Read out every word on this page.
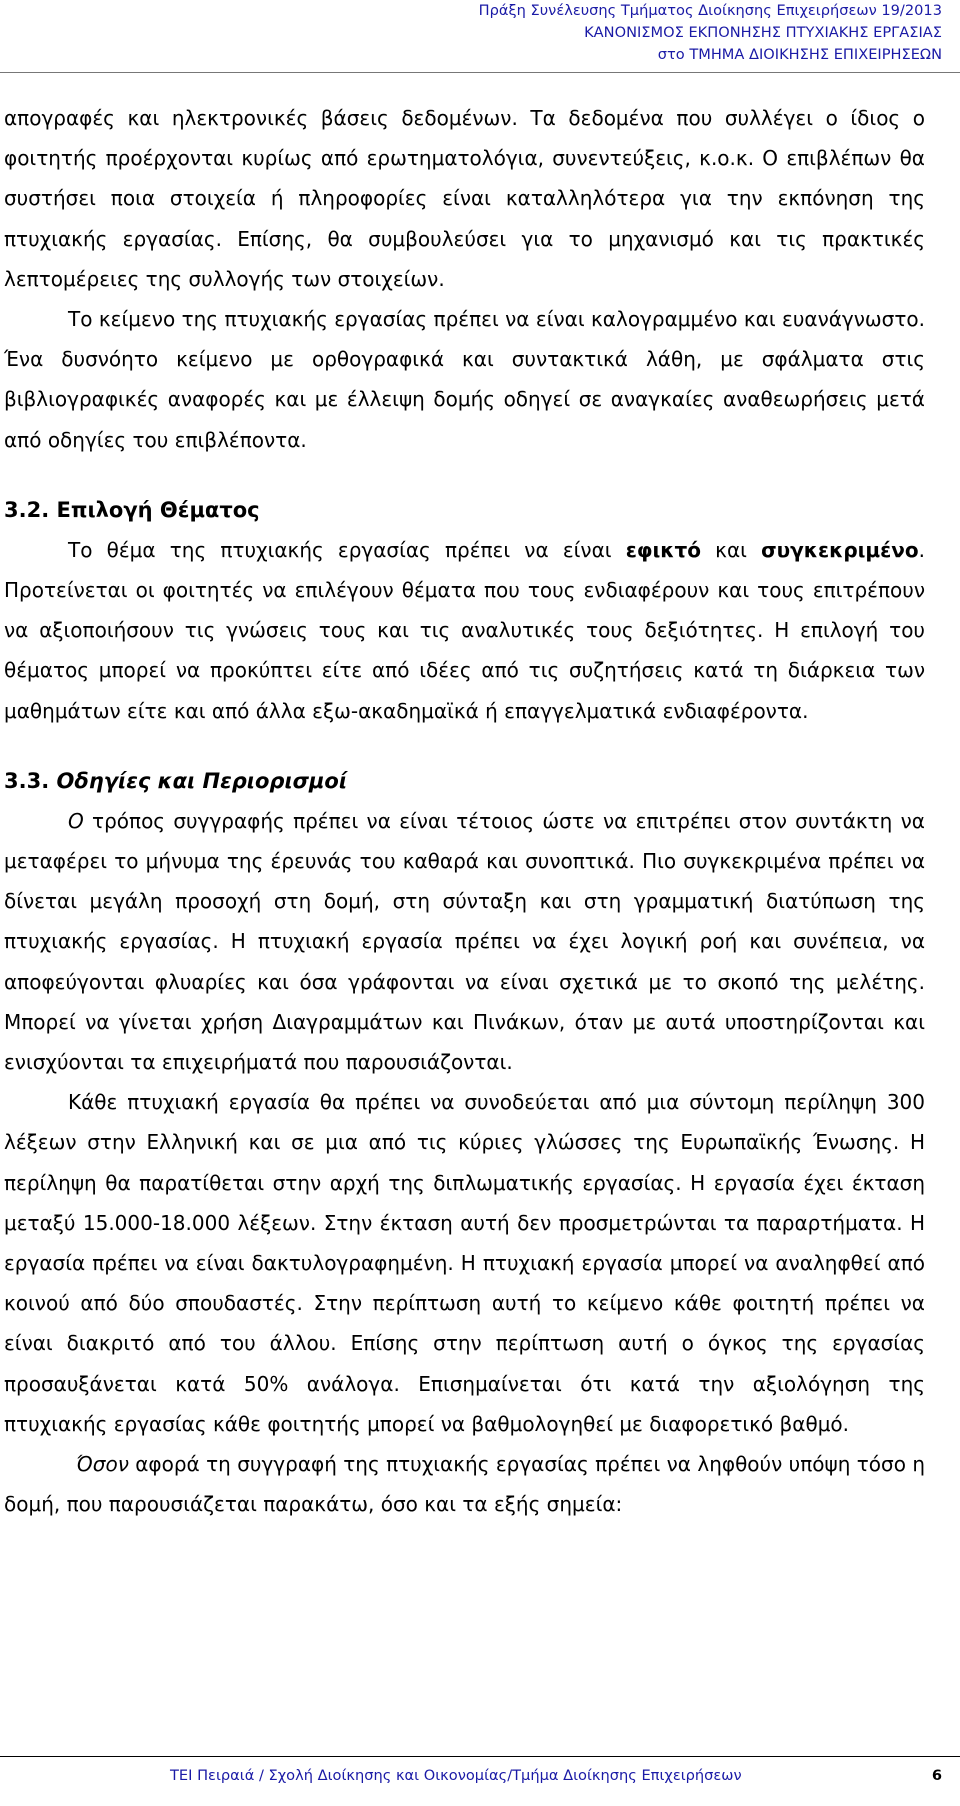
Πράξη Συνέλευσης Τμήματος Διοίκησης Επιχειρήσεων 19/2013
ΚΑΝΟΝΙΣΜΟΣ ΕΚΠΟΝΗΣΗΣ ΠΤΥΧΙΑΚΗΣ ΕΡΓΑΣΙΑΣ
στο ΤΜΗΜΑ ΔΙΟΙΚΗΣΗΣ ΕΠΙΧΕΙΡΗΣΕΩΝ

απογραφές και ηλεκτρονικές βάσεις δεδομένων. Τα δεδομένα που συλλέγει ο ίδιος ο φοιτητής προέρχονται κυρίως από ερωτηματολόγια, συνεντεύξεις, κ.ο.κ. Ο επιβλέπων θα συστήσει ποια στοιχεία ή πληροφορίες είναι καταλληλότερα για την εκπόνηση της πτυχιακής εργασίας. Επίσης, θα συμβουλεύσει για το μηχανισμό και τις πρακτικές λεπτομέρειες της συλλογής των στοιχείων.

Το κείμενο της πτυχιακής εργασίας πρέπει να είναι καλογραμμένο και ευανάγνωστο. Ένα δυσνόητο κείμενο με ορθογραφικά και συντακτικά λάθη, με σφάλματα στις βιβλιογραφικές αναφορές και με έλλειψη δομής οδηγεί σε αναγκαίες αναθεωρήσεις μετά από οδηγίες του επιβλέποντα.

3.2. Επιλογή Θέματος

Το θέμα της πτυχιακής εργασίας πρέπει να είναι εφικτό και συγκεκριμένο. Προτείνεται οι φοιτητές να επιλέγουν θέματα που τους ενδιαφέρουν και τους επιτρέπουν να αξιοποιήσουν τις γνώσεις τους και τις αναλυτικές τους δεξιότητες. Η επιλογή του θέματος μπορεί να προκύπτει είτε από ιδέες από τις συζητήσεις κατά τη διάρκεια των μαθημάτων είτε και από άλλα εξω-ακαδημαϊκά ή επαγγελματικά ενδιαφέροντα.

3.3. Οδηγίες και Περιορισμοί

Ο τρόπος συγγραφής πρέπει να είναι τέτοιος ώστε να επιτρέπει στον συντάκτη να μεταφέρει το μήνυμα της έρευνάς του καθαρά και συνοπτικά. Πιο συγκεκριμένα πρέπει να δίνεται μεγάλη προσοχή στη δομή, στη σύνταξη και στη γραμματική διατύπωση της πτυχιακής εργασίας. Η πτυχιακή εργασία πρέπει να έχει λογική ροή και συνέπεια, να αποφεύγονται φλυαρίες και όσα γράφονται να είναι σχετικά με το σκοπό της μελέτης. Μπορεί να γίνεται χρήση Διαγραμμάτων και Πινάκων, όταν με αυτά υποστηρίζονται και ενισχύονται τα επιχειρήματά που παρουσιάζονται.

Κάθε πτυχιακή εργασία θα πρέπει να συνοδεύεται από μια σύντομη περίληψη 300 λέξεων στην Ελληνική και σε μια από τις κύριες γλώσσες της Ευρωπαϊκής Ένωσης. Η περίληψη θα παρατίθεται στην αρχή της διπλωματικής εργασίας. Η εργασία έχει έκταση μεταξύ 15.000-18.000 λέξεων. Στην έκταση αυτή δεν προσμετρώνται τα παραρτήματα. Η εργασία πρέπει να είναι δακτυλογραφημένη. Η πτυχιακή εργασία μπορεί να αναληφθεί από κοινού από δύο σπουδαστές. Στην περίπτωση αυτή το κείμενο κάθε φοιτητή πρέπει να είναι διακριτό από του άλλου. Επίσης στην περίπτωση αυτή ο όγκος της εργασίας προσαυξάνεται κατά 50% ανάλογα. Επισημαίνεται ότι κατά την αξιολόγηση της πτυχιακής εργασίας κάθε φοιτητής μπορεί να βαθμολογηθεί με διαφορετικό βαθμό.

Όσον αφορά τη συγγραφή της πτυχιακής εργασίας πρέπει να ληφθούν υπόψη τόσο η δομή, που παρουσιάζεται παρακάτω, όσο και τα εξής σημεία:

ΤΕΙ Πειραιά / Σχολή Διοίκησης και Οικονομίας/Τμήμα Διοίκησης Επιχειρήσεων	6
